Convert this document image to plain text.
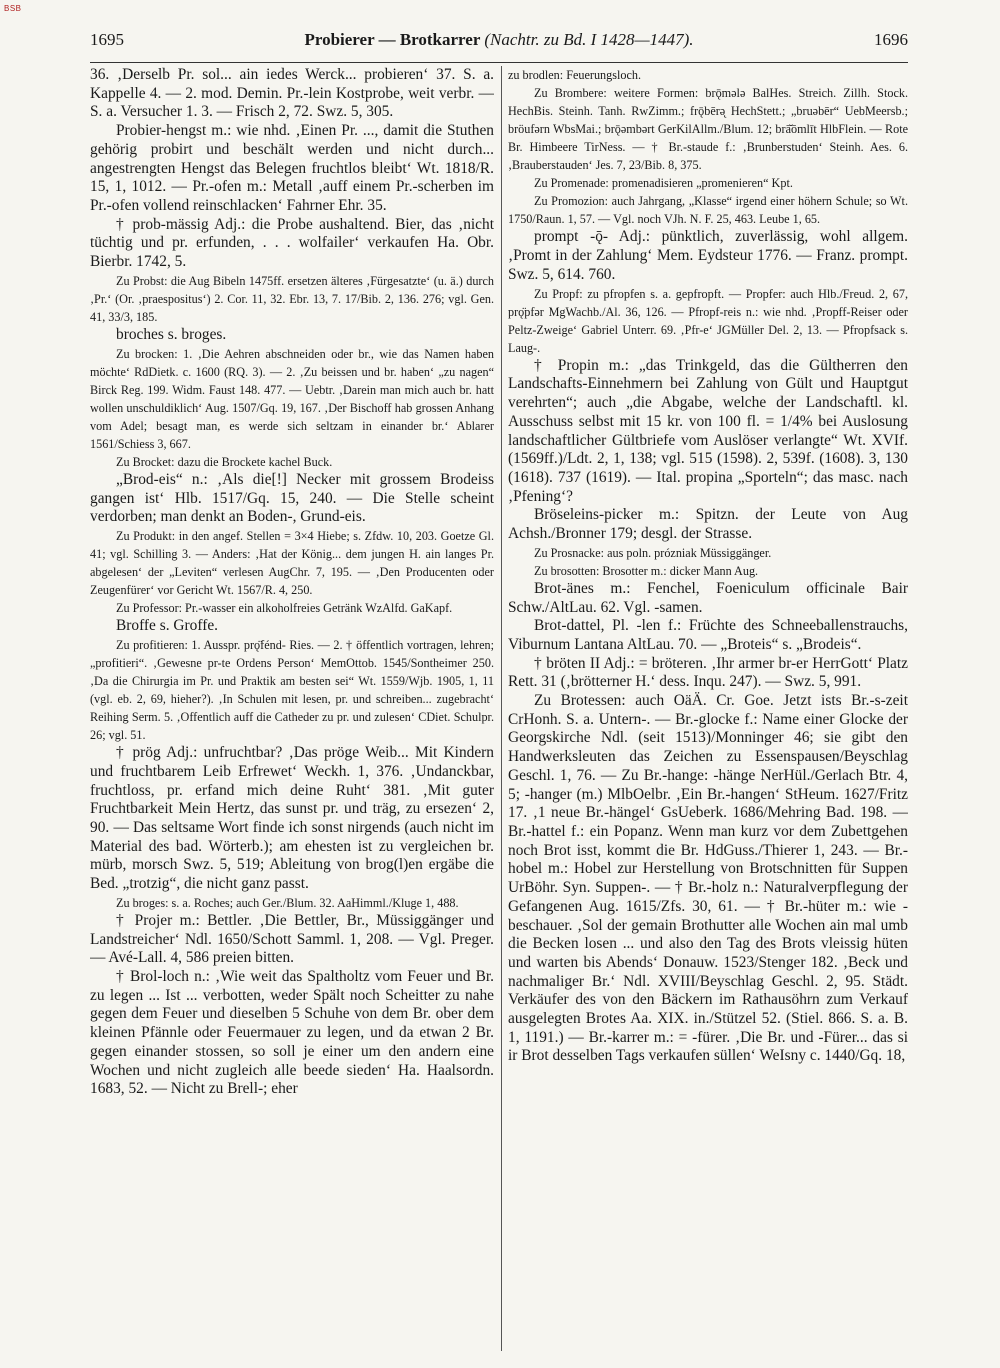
BSB
1695	Probierer — Brotkarrer (Nachtr. zu Bd. I 1428—1447).	1696

36. ‚Derselb Pr. sol... ain iedes Werck... probieren‘ 37. S. a. Kappelle 4. — 2. mod. Demin. Pr.-lein Kostprobe, weit verbr. — S. a. Versucher 1. 3. — Frisch 2, 72. Swz. 5, 305.

Probier-hengst m.: wie nhd. ‚Einen Pr. ..., damit die Stuthen gehörig probirt und beschält werden und nicht durch... angestrengten Hengst das Belegen fruchtlos bleibt‘ Wt. 1818/R. 15, 1, 1012. — Pr.-ofen m.: Metall ‚auff einem Pr.-scherben im Pr.-ofen vollend reinschlacken‘ Fahrner Ehr. 35.

† prob-mässig Adj.: die Probe aushaltend. Bier, das ‚nicht tüchtig und pr. erfunden, . . . wolfailer‘ verkaufen Ha. Obr. Bierbr. 1742, 5.

Zu Probst: die Aug Bibeln 1475ff. ersetzen älteres ‚Fürgesatzte‘ (u. ä.) durch ‚Pr.‘ (Or. ‚praespositus‘) 2. Cor. 11, 32. Ebr. 13, 7. 17/Bib. 2, 136. 276; vgl. Gen. 41, 33/3, 185.

broches s. broges.

Zu brocken: 1. ‚Die Aehren abschneiden oder br., wie das Namen haben möchte‘ RdDietk. c. 1600 (RQ. 3). — 2. ‚Zu beissen und br. haben‘ „zu nagen“ Birck Reg. 199. Widm. Faust 148. 477. — Uebtr. ‚Darein man mich auch br. hatt wollen unschuldiklich‘ Aug. 1507/Gq. 19, 167. ‚Der Bischoff hab grossen Anhang vom Adel; besagt man, es werde sich seltzam in einander br.‘ Ablarer 1561/Schiess 3, 667.

Zu Brocket: dazu die Brockete kachel Buck.

„Brod-eis“ n.: ‚Als die[!] Necker mit grossem Brodeiss gangen ist‘ Hlb. 1517/Gq. 15, 240. — Die Stelle scheint verdorben; man denkt an Boden-, Grund-eis.

Zu Produkt: in den angef. Stellen = 3×4 Hiebe; s. Zfdw. 10, 203. Goetze Gl. 41; vgl. Schilling 3. — Anders: ‚Hat der König... dem jungen H. ain langes Pr. abgelesen‘ der „Leviten“ verlesen AugChr. 7, 195. — ‚Den Producenten oder Zeugenfürer‘ vor Gericht Wt. 1567/R. 4, 250.

Zu Professor: Pr.-wasser ein alkoholfreies Getränk WzAlfd. GaKapf.

Broffe s. Groffe.

Zu profitieren: 1. Ausspr. prǫ̈fénd- Ries. — 2. † öffentlich vortragen, lehren; „profitieri“. ‚Gewesne pr-te Ordens Person‘ MemOttob. 1545/Sontheimer 250. ‚Da die Chirurgia im Pr. und Praktik am besten sei“ Wt. 1559/Wjb. 1905, 1, 11 (vgl. eb. 2, 69, hieher?). ‚In Schulen mit lesen, pr. und schreiben... zugebracht‘ Reihing Serm. 5. ‚Offentlich auff die Catheder zu pr. und zulesen‘ CDiet. Schulpr. 26; vgl. 51.

† prög Adj.: unfruchtbar? ‚Das pröge Weib... Mit Kindern und fruchtbarem Leib Erfrewet‘ Weckh. 1, 376. ‚Undanckbar, fruchtloss, pr. erfand mich deine Ruht‘ 381. ‚Mit guter Fruchtbarkeit Mein Hertz, das sunst pr. und träg, zu ersezen‘ 2, 90. — Das seltsame Wort finde ich sonst nirgends (auch nicht im Material des bad. Wörterb.); am ehesten ist zu vergleichen br. mürb, morsch Swz. 5, 519; Ableitung von brog(l)en ergäbe die Bed. „trotzig“, die nicht ganz passt.

Zu broges: s. a. Roches; auch Ger./Blum. 32. AaHimml./Kluge 1, 488.

† Projer m.: Bettler. ‚Die Bettler, Br., Müssiggänger und Landstreicher‘ Ndl. 1650/Schott Samml. 1, 208. — Vgl. Preger. — Avé-Lall. 4, 586 preien bitten.

† Brol-loch n.: ‚Wie weit das Spaltholtz vom Feuer und Br. zu legen ... Ist ... verbotten, weder Spält noch Scheitter zu nahe gegen dem Feuer und dieselben 5 Schuhe von dem Br. ober dem kleinen Pfännle oder Feuermauer zu legen, und da etwan 2 Br. gegen einander stossen, so soll je einer um den andern eine Wochen und nicht zugleich alle beede sieden‘ Ha. Haalsordn. 1683, 52. — Nicht zu Brell-; eher

zu brodlen: Feuerungsloch.

Zu Brombere: weitere Formen: brǭmələ BalHes. Streich. Zillh. Stock. HechBis. Steinh. Tanh. RwZimm.; frǭbērə̨ HechStett.; „bruəbēr“ UebMeersb.; bröufərn WbsMai.; brǭəmbərt GerKilAllm./Blum. 12; brā̆ōmlīt HlbFlein. — Rote Br. Himbeere TirNess. — † Br.-staude f.: ‚Brunberstuden‘ Steinh. Aes. 6. ‚Brauberstauden‘ Jes. 7, 23/Bib. 8, 375.

Zu Promenade: promenadisieren „promenieren“ Kpt.

Zu Promozion: auch Jahrgang, „Klasse“ irgend einer höhern Schule; so Wt. 1750/Raun. 1, 57. — Vgl. noch VJh. N. F. 25, 463. Leube 1, 65.

prompt -ǭ- Adj.: pünktlich, zuverlässig, wohl allgem. ‚Promt in der Zahlung‘ Mem. Eydsteur 1776. — Franz. prompt. Swz. 5, 614. 760.

Zu Propf: zu pfropfen s. a. gepfropft. — Propfer: auch Hlb./Freud. 2, 67, prǫ̈pfər MgWachb./Al. 36, 126. — Pfropf-reis n.: wie nhd. ‚Propff-Reiser oder Peltz-Zweige‘ Gabriel Unterr. 69. ‚Pfr-e‘ JGMüller Del. 2, 13. — Pfropfsack s. Laug-.

† Propin m.: „das Trinkgeld, das die Gültherren den Landschafts-Einnehmern bei Zahlung von Gült und Hauptgut verehrten“; auch „die Abgabe, welche der Landschaftl. kl. Ausschuss selbst mit 15 kr. von 100 fl. = 1/4% bei Auslosung landschaftlicher Gültbriefe vom Auslöser verlangte“ Wt. XVIf. (1569ff.)/Ldt. 2, 1, 138; vgl. 515 (1598). 2, 539f. (1608). 3, 130 (1618). 737 (1619). — Ital. propina „Sporteln“; das masc. nach ‚Pfening‘?

Bröseleins-picker m.: Spitzn. der Leute von Aug Achsh./Bronner 179; desgl. der Strasse.

Zu Prosnacke: aus poln. prózniak Müssiggänger.

Zu brosotten: Brosotter m.: dicker Mann Aug.

Brot-änes m.: Fenchel, Foeniculum officinale Bair Schw./AltLau. 62. Vgl. -samen.

Brot-dattel, Pl. -len f.: Früchte des Schneeballenstrauchs, Viburnum Lantana AltLau. 70. — „Broteis“ s. „Brodeis“.

† bröten II Adj.: = bröteren. ‚Ihr armer br-er HerrGott‘ Platz Rett. 31 (‚brötterner H.‘ dess. Inqu. 247). — Swz. 5, 991.

Zu Brotessen: auch OäÄ. Cr. Goe. Jetzt ists Br.-s-zeit CrHonh. S. a. Untern-. — Br.-glocke f.: Name einer Glocke der Georgskirche Ndl. (seit 1513)/Monninger 46; sie gibt den Handwerksleuten das Zeichen zu Essenspausen/Beyschlag Geschl. 1, 76. — Zu Br.-hange: -hänge NerHül./Gerlach Btr. 4, 5; -hanger (m.) MlbOelbr. ‚Ein Br.-hangen‘ StHeum. 1627/Fritz 17. ‚1 neue Br.-hängel‘ GsUeberk. 1686/Mehring Bad. 198. — Br.-hattel f.: ein Popanz. Wenn man kurz vor dem Zubettgehen noch Brot isst, kommt die Br. HdGuss./Thierer 1, 243. — Br.-hobel m.: Hobel zur Herstellung von Brotschnitten für Suppen UrBöhr. Syn. Suppen-. — † Br.-holz n.: Naturalverpflegung der Gefangenen Aug. 1615/Zfs. 30, 61. — † Br.-hüter m.: wie -beschauer. ‚Sol der gemain Brothutter alle Wochen ain mal umb die Becken losen ... und also den Tag des Brots vleissig hüten und warten bis Abends‘ Donauw. 1523/Stenger 182. ‚Beck und nachmaliger Br.‘ Ndl. XVIII/Beyschlag Geschl. 2, 95. Städt. Verkäufer des von den Bäckern im Rathausöhrn zum Verkauf ausgelegten Brotes Aa. XIX. in./Stützel 52. (Stiel. 866. S. a. B. 1, 1191.) — Br.-karrer m.: = -fürer. ‚Die Br. und -Fürer... das si ir Brot desselben Tags verkaufen süllen‘ WeIsny c. 1440/Gq. 18,
